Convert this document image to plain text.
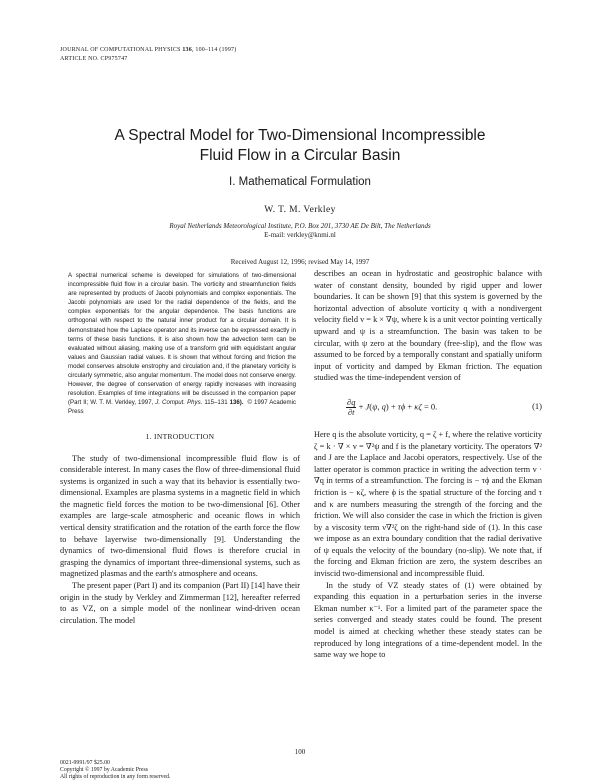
JOURNAL OF COMPUTATIONAL PHYSICS 136, 100–114 (1997)
ARTICLE NO. CP975747
A Spectral Model for Two-Dimensional Incompressible
Fluid Flow in a Circular Basin
I. Mathematical Formulation
W. T. M. Verkley
Royal Netherlands Meteorological Institute, P.O. Box 201, 3730 AE De Bilt, The Netherlands
E-mail: verkley@knmi.nl
Received August 12, 1996; revised May 14, 1997

A spectral numerical scheme is developed for simulations of two-dimensional incompressible fluid flow in a circular basin. The vorticity and streamfunction fields are represented by products of Jacobi polynomials and complex exponentials. The Jacobi polynomials are used for the radial dependence of the fields, and the complex exponentials for the angular dependence. The basis functions are orthogonal with respect to the natural inner product for a circular domain. It is demonstrated how the Laplace operator and its inverse can be expressed exactly in terms of these basis functions. It is also shown how the advection term can be evaluated without aliasing, making use of a transform grid with equidistant angular values and Gaussian radial values. It is shown that without forcing and friction the model conserves absolute enstrophy and circulation and, if the planetary vorticity is circularly symmetric, also angular momentum. The model does not conserve energy. However, the degree of conservation of energy rapidly increases with increasing resolution. Examples of time integrations will be discussed in the companion paper (Part II; W. T. M. Verkley, 1997, J. Comput. Phys. 115–131 136). © 1997 Academic Press

1. INTRODUCTION

The study of two-dimensional incompressible fluid flow is of considerable interest. In many cases the flow of three-dimensional fluid systems is organized in such a way that its behavior is essentially two-dimensional. Examples are plasma systems in a magnetic field in which the magnetic field forces the motion to be two-dimensional [6]. Other examples are large-scale atmospheric and oceanic flows in which vertical density stratification and the rotation of the earth force the flow to behave layerwise two-dimensionally [9]. Understanding the dynamics of two-dimensional fluid flows is therefore crucial in grasping the dynamics of important three-dimensional systems, such as magnetized plasmas and the earth's atmosphere and oceans.

The present paper (Part I) and its companion (Part II) [14] have their origin in the study by Verkley and Zimmerman [12], hereafter referred to as VZ, on a simple model of the nonlinear wind-driven ocean circulation. The model

describes an ocean in hydrostatic and geostrophic balance with water of constant density, bounded by rigid upper and lower boundaries. It can be shown [9] that this system is governed by the horizontal advection of absolute vorticity q with a nondivergent velocity field v = k × ∇ψ, where k is a unit vector pointing vertically upward and ψ is a streamfunction. The basin was taken to be circular, with ψ zero at the boundary (free-slip), and the flow was assumed to be forced by a temporally constant and spatially uniform input of vorticity and damped by Ekman friction. The equation studied was the time-independent version of

$\frac{\partial q}{\partial t} + J(\psi$, q) + τϕ + κζ = 0.	(1)

Here q is the absolute vorticity, q = ζ + f, where the relative vorticity ζ = k · ∇ × v = ∇²ψ and f is the planetary vorticity. The operators ∇² and J are the Laplace and Jacobi operators, respectively. Use of the latter operator is common practice in writing the advection term v · ∇q in terms of a streamfunction. The forcing is − τϕ and the Ekman friction is − κζ, where ϕ is the spatial structure of the forcing and τ and κ are numbers measuring the strength of the forcing and the friction. We will also consider the case in which the friction is given by a viscosity term ν∇²ζ on the right-hand side of (1). In this case we impose as an extra boundary condition that the radial derivative of ψ equals the velocity of the boundary (no-slip). We note that, if the forcing and Ekman friction are zero, the system describes an inviscid two-dimensional and incompressible fluid.

In the study of VZ steady states of (1) were obtained by expanding this equation in a perturbation series in the inverse Ekman number κ⁻¹. For a limited part of the parameter space the series converged and steady states could be found. The present model is aimed at checking whether these steady states can be reproduced by long integrations of a time-dependent model. In the same way we hope to

100
0021-9991/97 $25.00
Copyright © 1997 by Academic Press
All rights of reproduction in any form reserved.
